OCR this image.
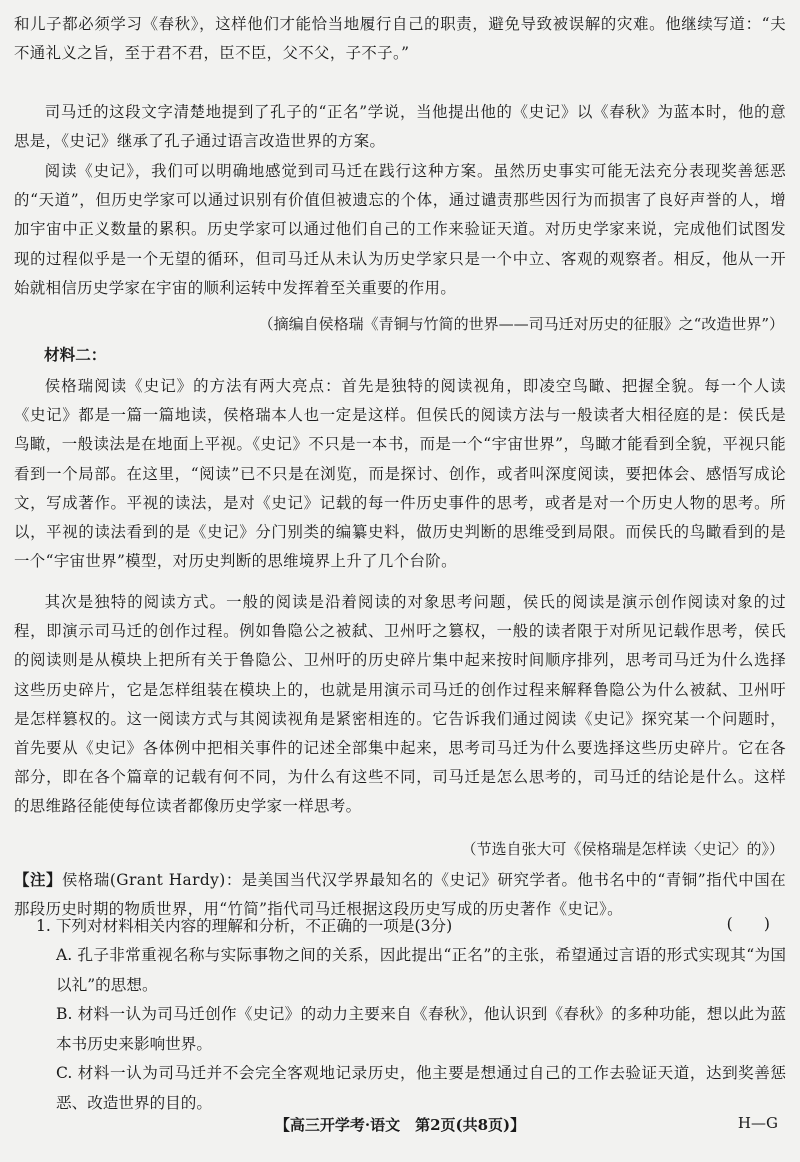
和儿子都必须学习《春秋》，这样他们才能恰当地履行自己的职责，避免导致被误解的灾难。他继续写道：“夫不通礼义之旨，至于君不君，臣不臣，父不父，子不子。”
司马迁的这段文字清楚地提到了孔子的“正名”学说，当他提出他的《史记》以《春秋》为蓝本时，他的意思是，《史记》继承了孔子通过语言改造世界的方案。
阅读《史记》，我们可以明确地感觉到司马迁在践行这种方案。虽然历史事实可能无法充分表现奖善惩恶的“天道”，但历史学家可以通过识别有价值但被遗忘的个体，通过谴责那些因行为而损害了良好声誉的人，增加宇宙中正义数量的累积。历史学家可以通过他们自己的工作来验证天道。对历史学家来说，完成他们试图发现的过程似乎是一个无望的循环，但司马迁从未认为历史学家只是一个中立、客观的观察者。相反，他从一开始就相信历史学家在宇宙的顺利运转中发挥着至关重要的作用。
（摘编自侯格瑞《青铜与竹简的世界——司马迁对历史的征服》之“改造世界”）
材料二：
侯格瑞阅读《史记》的方法有两大亮点：首先是独特的阅读视角，即凌空鸟瞰、把握全貌。每一个人读《史记》都是一篇一篇地读，侯格瑞本人也一定是这样。但侯氏的阅读方法与一般读者大相径庭的是：侯氏是鸟瞰，一般读法是在地面上平视。《史记》不只是一本书，而是一个“宇宙世界”，鸟瞰才能看到全貌，平视只能看到一个局部。在这里，“阅读”已不只是在浏览，而是探讨、创作，或者叫深度阅读，要把体会、感悟写成论文，写成著作。平视的读法，是对《史记》记载的每一件历史事件的思考，或者是对一个历史人物的思考。所以，平视的读法看到的是《史记》分门别类的编纂史料，做历史判断的思维受到局限。而侯氏的鸟瞰看到的是一个“宇宙世界”模型，对历史判断的思维境界上升了几个台阶。
其次是独特的阅读方式。一般的阅读是沿着阅读的对象思考问题，侯氏的阅读是演示创作阅读对象的过程，即演示司马迁的创作过程。例如鲁隐公之被弑、卫州吁之篡权，一般的读者限于对所见记载作思考，侯氏的阅读则是从模块上把所有关于鲁隐公、卫州吁的历史碎片集中起来按时间顺序排列，思考司马迁为什么选择这些历史碎片，它是怎样组装在模块上的，也就是用演示司马迁的创作过程来解释鲁隐公为什么被弑、卫州吁是怎样篡权的。这一阅读方式与其阅读视角是紧密相连的。它告诉我们通过阅读《史记》探究某一个问题时，首先要从《史记》各体例中把相关事件的记述全部集中起来，思考司马迁为什么要选择这些历史碎片。它在各部分，即在各个篇章的记载有何不同，为什么有这些不同，司马迁是怎么思考的，司马迁的结论是什么。这样的思维路径能使每位读者都像历史学家一样思考。
（节选自张大可《侯格瑞是怎样读〈史记〉的》）
【注】侯格瑞(Grant Hardy)：是美国当代汉学界最知名的《史记》研究学者。他书名中的“青铜”指代中国在那段历史时期的物质世界，用“竹简”指代司马迁根据这段历史写成的历史著作《史记》。
1. 下列对材料相关内容的理解和分析，不正确的一项是(3分)	(　　)
A. 孔子非常重视名称与实际事物之间的关系，因此提出“正名”的主张，希望通过言语的形式实现其“为国以礼”的思想。
B. 材料一认为司马迁创作《史记》的动力主要来自《春秋》，他认识到《春秋》的多种功能，想以此为蓝本书历史来影响世界。
C. 材料一认为司马迁并不会完全客观地记录历史，他主要是想通过自己的工作去验证天道，达到奖善惩恶、改造世界的目的。
【高三开学考·语文　第2页(共8页)】	H—G
